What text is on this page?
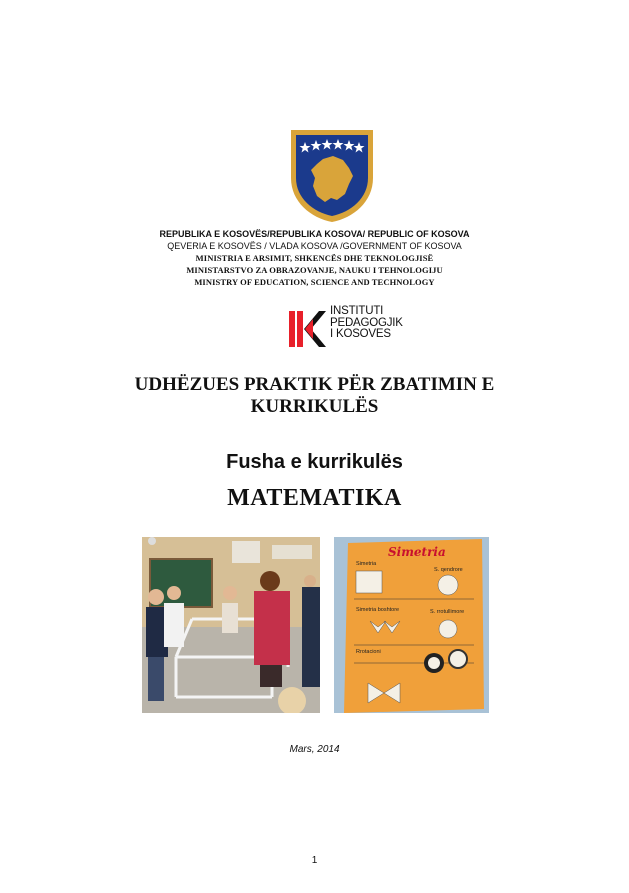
REPUBLIKA E KOSOVËS/REPUBLIKA KOSOVA/ REPUBLIC OF KOSOVA
QEVERIA E KOSOVËS / VLADA KOSOVA /GOVERNMENT OF KOSOVA
MINISTRIA E ARSIMIT, SHKENCËS DHE TEKNOLOGJISË
MINISTARSTVO ZA OBRAZOVANJE, NAUKU I TEHNOLOGIJU
MINISTRY OF EDUCATION, SCIENCE AND TECHNOLOGY
INSTITUTI
PEDAGOGJIK
I KOSOVES
UDHËZUES PRAKTIK PËR ZBATIMIN E
KURRIKULËS
Fusha e kurrikulës
MATEMATIKA
Simetria
Simetria
S. qendrore
Simetria boshtore	S. rrotullimore
Rrotacioni
Mars, 2014
1
